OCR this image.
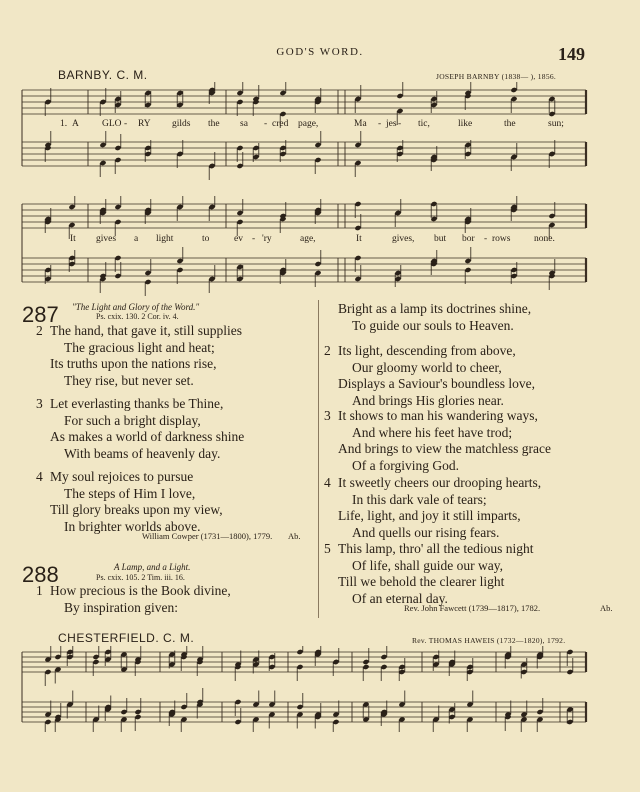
GOD'S WORD.	149
BARNBY. C. M.	JOSEPH BARNBY (1838— ), 1856.
1. A GLO - RY gilds the sa - cred page,	Ma - jes - tic,	like	the	sun;
It gives a light	to	ev - 'ry	age,	It	gives, but bor - rows none.
287 "The Light and Glory of the Word."
Ps. cxix. 130. 2 Cor. iv. 4.
2 The hand, that gave it, still supplies
The gracious light and heat;
Its truths upon the nations rise,
They rise, but never set.
3 Let everlasting thanks be Thine,
For such a bright display,
As makes a world of darkness shine
With beams of heavenly day.
4 My soul rejoices to pursue
The steps of Him I love,
Till glory breaks upon my view,
In brighter worlds above.
William Cowper (1731—1800), 1779. Ab.
288	A Lamp, and a Light.
Ps. cxix. 105. 2 Tim. iii. 16.
1 How precious is the Book divine,
By inspiration given:
Bright as a lamp its doctrines shine,
To guide our souls to Heaven.
2 Its light, descending from above,
Our gloomy world to cheer,
Displays a Saviour's boundless love,
And brings His glories near.
3 It shows to man his wandering ways,
And where his feet have trod;
And brings to view the matchless grace
Of a forgiving God.
4 It sweetly cheers our drooping hearts,
In this dark vale of tears;
Life, light, and joy it still imparts,
And quells our rising fears.
5 This lamp, thro' all the tedious night
Of life, shall guide our way,
Till we behold the clearer light
Of an eternal day.
Rev. John Fawcett (1739—1817), 1782.	Ab.
CHESTERFIELD. C. M.	Rev. THOMAS HAWEIS (1732—1820), 1792.
